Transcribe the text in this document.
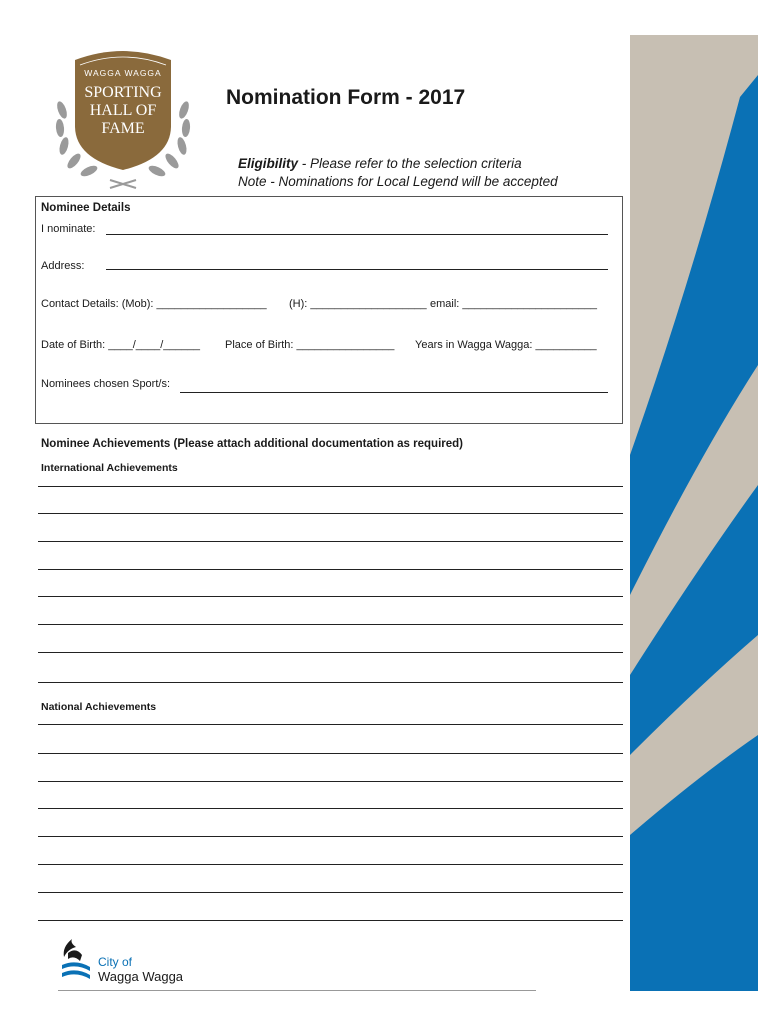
WAGGA WAGGA
SPORTING
HALL OF
FAME
Nomination Form - 2017
Eligibility - Please refer to the selection criteria
Note - Nominations for Local Legend will be accepted
Nominee Details
I nominate:
Address:
Contact Details: (Mob): __________________ (H): ___________________ email: ______________________
Date of Birth: ____/____/______ Place of Birth: ________________ Years in Wagga Wagga: __________
Nominees chosen Sport/s:
Nominee Achievements (Please attach additional documentation as required)
International Achievements
National Achievements
City of
Wagga Wagga
